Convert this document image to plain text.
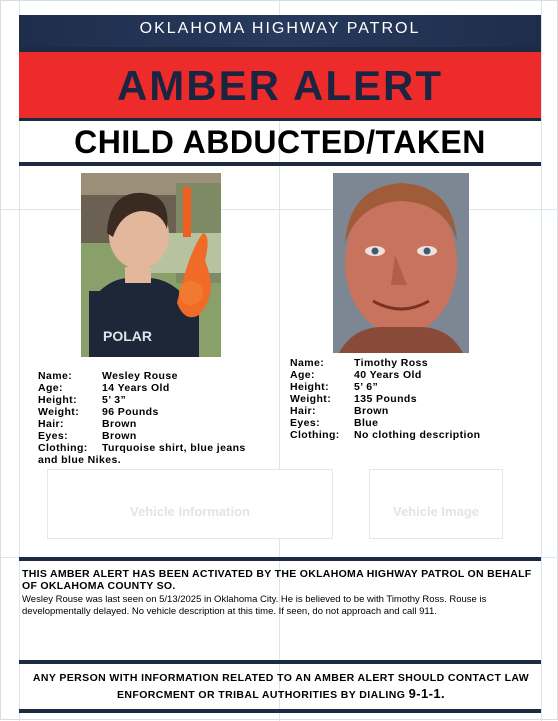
OKLAHOMA HIGHWAY PATROL
AMBER ALERT
CHILD ABDUCTED/TAKEN
POLAR
Name:	Wesley Rouse
Age:	14 Years Old
Height: 5’ 3”
Weight: 96 Pounds
Hair:	Brown
Eyes:	Brown
Clothing: Turquoise shirt, blue jeans
and blue Nikes.
Name:	Timothy Ross
Age:	40 Years Old
Height: 5’ 6”
Weight: 135 Pounds
Hair:	Brown
Eyes:	Blue
Clothing: No clothing description
Vehicle Information	Vehicle Image
THIS AMBER ALERT HAS BEEN ACTIVATED BY THE OKLAHOMA HIGHWAY PATROL ON BEHALF OF OKLAHOMA COUNTY SO.
Wesley Rouse was last seen on 5/13/2025 in Oklahoma City. He is believed to be with Timothy Ross. Rouse is developmentally delayed. No vehicle description at this time. If seen, do not approach and call 911.
ANY PERSON WITH INFORMATION RELATED TO AN AMBER ALERT SHOULD CONTACT LAW ENFORCMENT OR TRIBAL AUTHORITIES BY DIALING 9-1-1.
